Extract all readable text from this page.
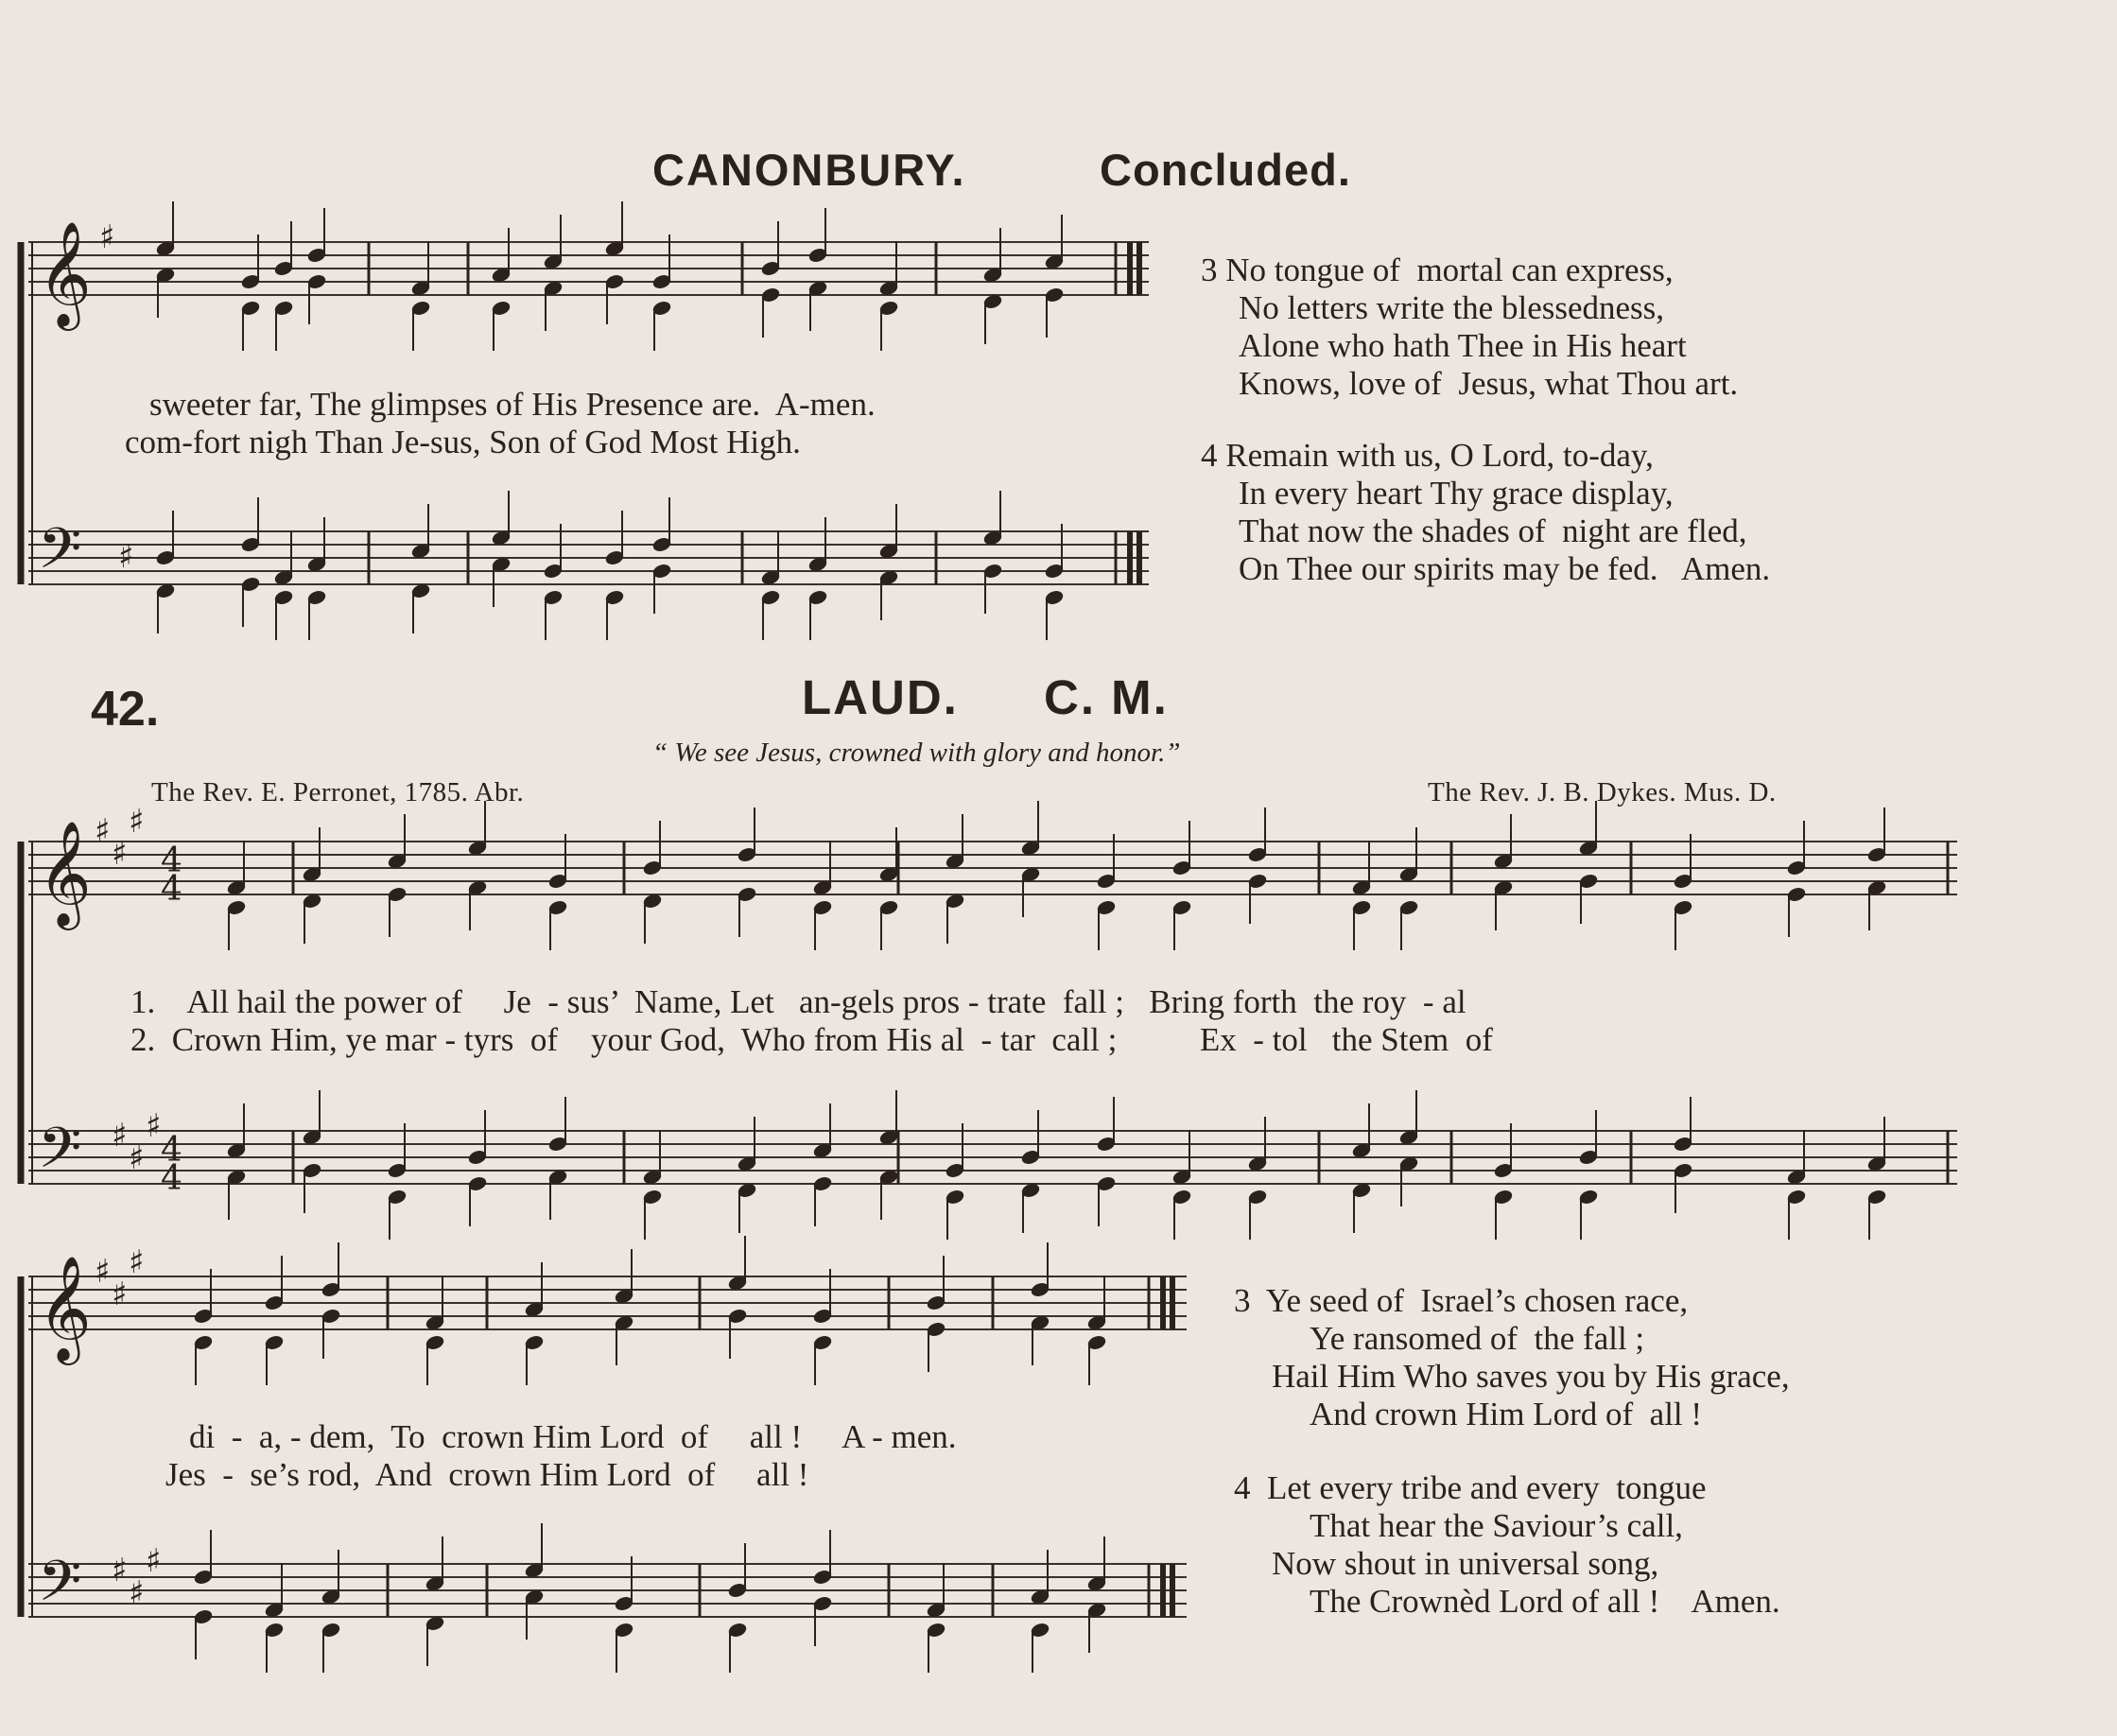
CANONBURY.	Concluded.
42.	LAUD. C. M.
“ We see Jesus, crowned with glory and honor.”
The Rev. E. Perronet, 1785. Abr.	The Rev. J. B. Dykes. Mus. D.
sweeter far, The glimpses of His Presence are.  A-men.
com-fort nigh Than Je-sus, Son of God Most High.
3 No tongue of  mortal can express,
No letters write the blessedness,
Alone who hath Thee in His heart
Knows, love of  Jesus, what Thou art.
4 Remain with us, O Lord, to-day,
In every heart Thy grace display,
That now the shades of  night are fled,
On Thee our spirits may be fed.   Amen.
1.    All hail the power of     Je  - sus’  Name, Let   an-gels pros - trate  fall ;   Bring forth  the roy  - al
2.  Crown Him, ye mar - tyrs  of    your God,  Who from His al  - tar  call ;          Ex  - tol   the Stem  of
di  -  a, - dem,  To  crown Him Lord  of     all !     A - men.
Jes  -  se’s rod,  And  crown Him Lord  of     all !
3  Ye seed of  Israel’s chosen race,
Ye ransomed of  the fall ;
Hail Him Who saves you by His grace,
And crown Him Lord of  all !
4  Let every tribe and every  tongue
That hear the Saviour’s call,
Now shout in universal song,
The Crownèd Lord of all !    Amen.
𝄞
𝄢
𝄞
𝄢
𝄞
𝄢
♯
♯
♯
♯
♯
♯
♯
♯
♯
♯
♯
♯
♯
♯
4
4
4
4
